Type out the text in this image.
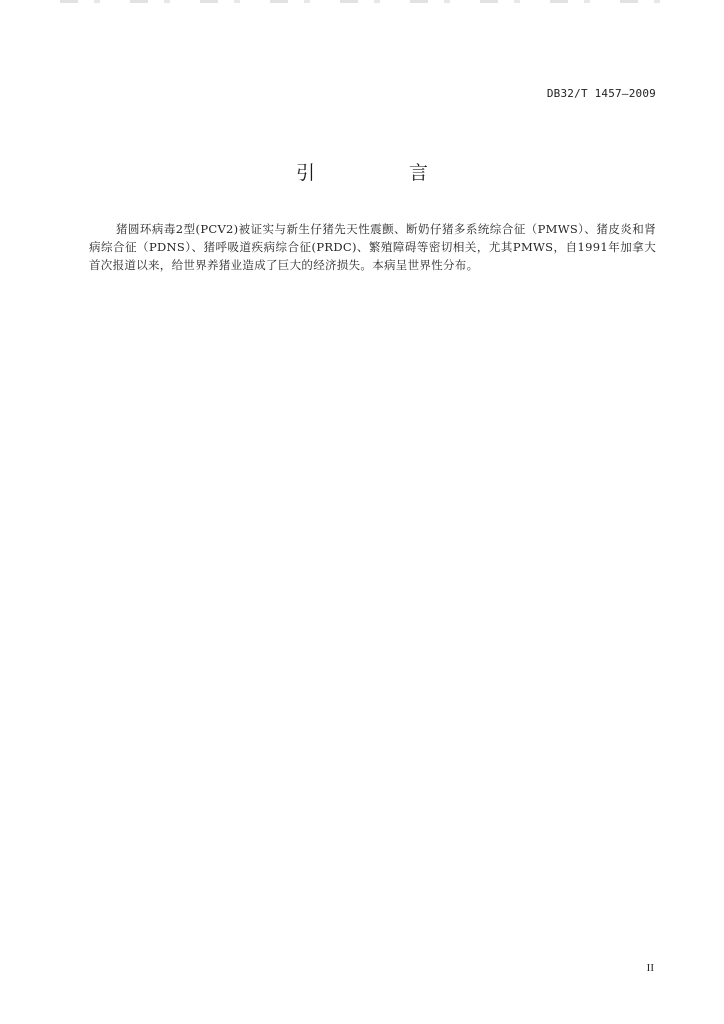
DB32/T 1457—2009
引 言

猪圆环病毒2型(PCV2)被证实与新生仔猪先天性震颤、断奶仔猪多系统综合征（PMWS）、猪皮炎和肾病综合征（PDNS）、猪呼吸道疾病综合征(PRDC)、繁殖障碍等密切相关，尤其PMWS，自1991年加拿大首次报道以来，给世界养猪业造成了巨大的经济损失。本病呈世界性分布。

II
